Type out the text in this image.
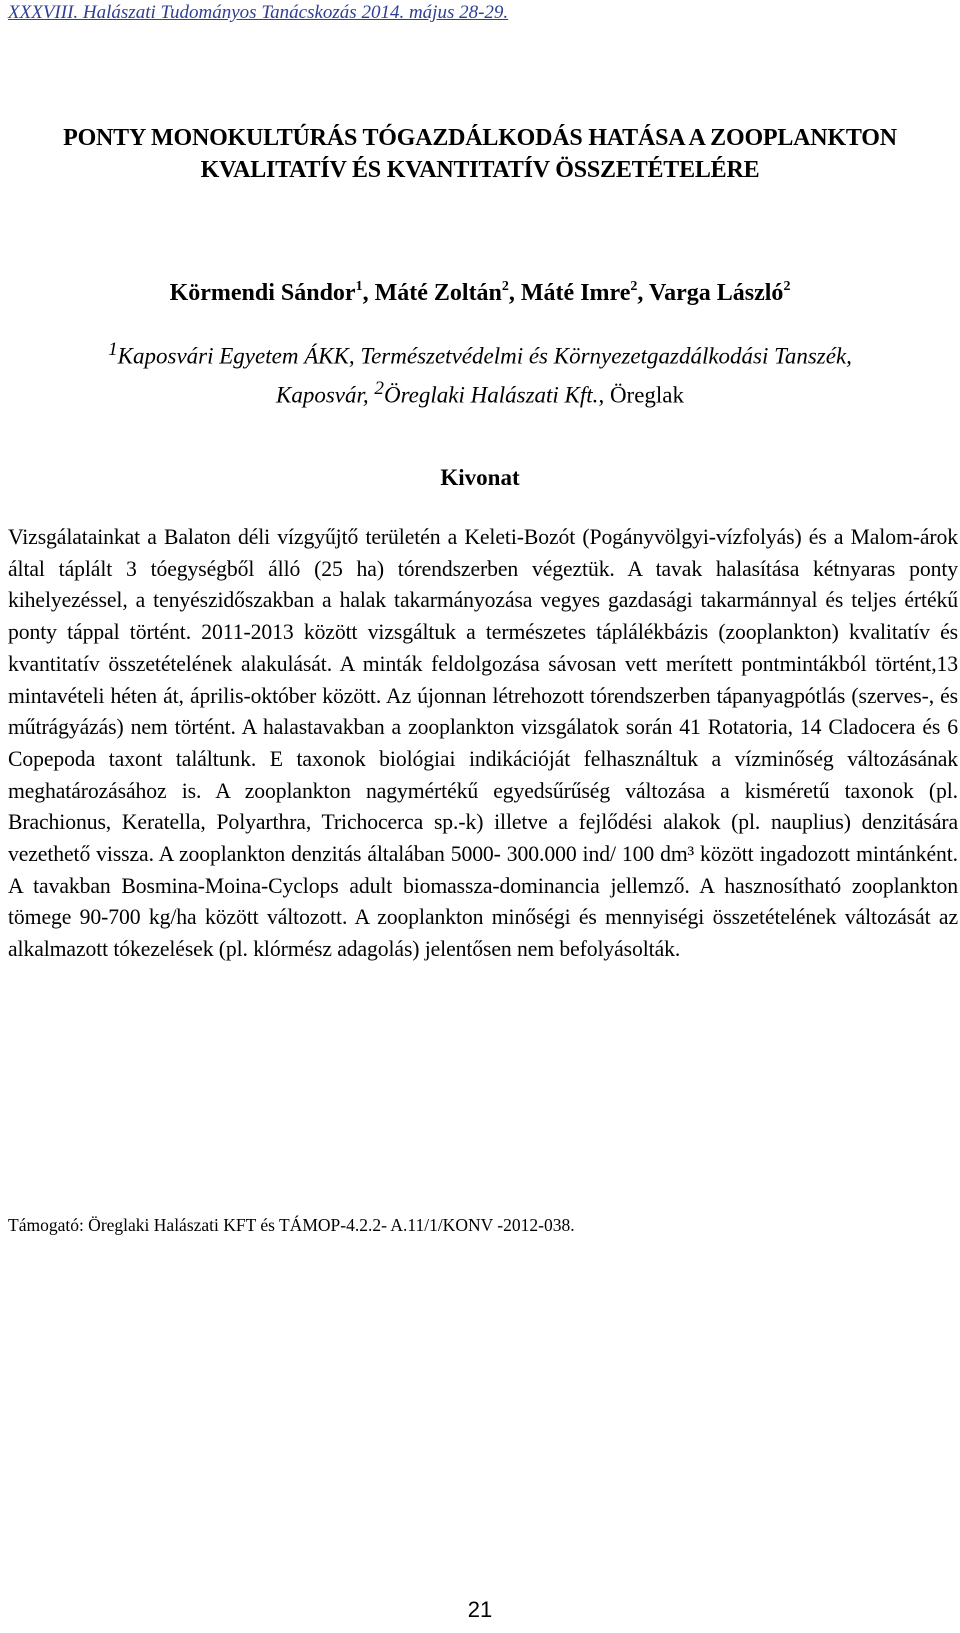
XXXVIII. Halászati Tudományos Tanácskozás 2014. május 28-29.
PONTY MONOKULTÚRÁS TÓGAZDÁLKODÁS HATÁSA A ZOOPLANKTON
KVALITATÍV ÉS KVANTITATÍV ÖSSZETÉTELÉRE
Körmendi Sándor$^1$, Máté Zoltán$^2$, Máté Imre$^2$, Varga László$^2$
$^1$Kaposvári Egyetem ÁKK, Természetvédelmi és Környezetgazdálkodási Tanszék,
Kaposvár, $^2$Öreglaki Halászati Kft., Öreglak
Kivonat
Vizsgálatainkat a Balaton déli vízgyűjtő területén a Keleti-Bozót (Pogányvölgyi-vízfolyás) és a Malom-árok által táplált 3 tóegységből álló (25 ha) tórendszerben végeztük. A tavak halasítása kétnyaras ponty kihelyezéssel, a tenyészidőszakban a halak takarmányozása vegyes gazdasági takarmánnyal és teljes értékű ponty táppal történt. 2011-2013 között vizsgáltuk a természetes táplálékbázis (zooplankton) kvalitatív és kvantitatív összetételének alakulását. A minták feldolgozása sávosan vett merített pontmintákból történt,13 mintavételi héten át, április-október között. Az újonnan létrehozott tórendszerben tápanyagpótlás (szerves-, és műtrágyázás) nem történt. A halastavakban a zooplankton vizsgálatok során 41 Rotatoria, 14 Cladocera és 6 Copepoda taxont találtunk. E taxonok biológiai indikációját felhasználtuk a vízminőség változásának meghatározásához is. A zooplankton nagymértékű egyedsűrűség változása a kisméretű taxonok (pl. Brachionus, Keratella, Polyarthra, Trichocerca sp.-k) illetve a fejlődési alakok (pl. nauplius) denzitására vezethető vissza. A zooplankton denzitás általában 5000- 300.000 ind/ 100 dm³ között ingadozott mintánként. A tavakban Bosmina-Moina-Cyclops adult biomassza-dominancia jellemző. A hasznosítható zooplankton tömege 90-700 kg/ha között változott. A zooplankton minőségi és mennyiségi összetételének változását az alkalmazott tókezelések (pl. klórmész adagolás) jelentősen nem befolyásolták.
Támogató: Öreglaki Halászati KFT és TÁMOP-4.2.2- A.11/1/KONV -2012-038.
21
